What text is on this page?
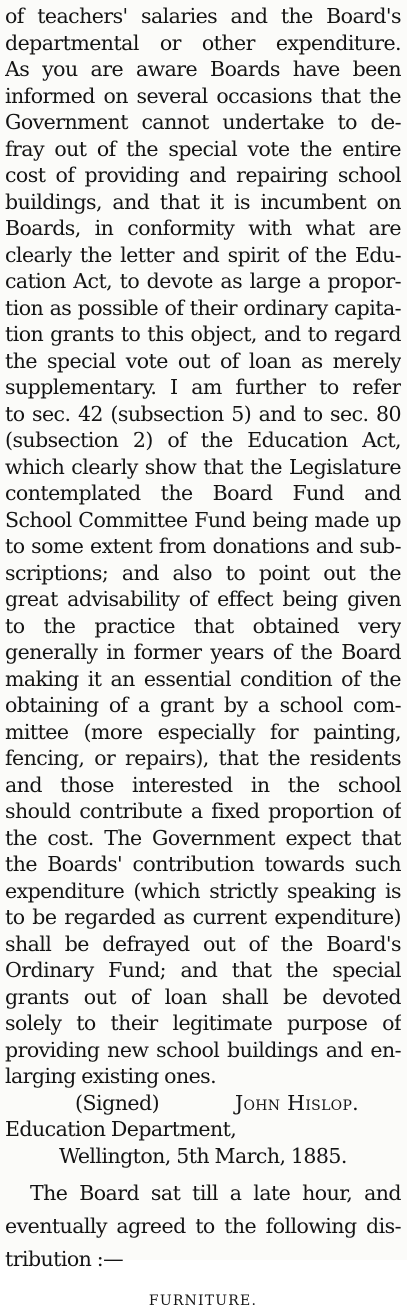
of teachers' salaries and the Board's
departmental or other expenditure.
As you are aware Boards have been
informed on several occasions that the
Government cannot undertake to de-
fray out of the special vote the entire
cost of providing and repairing school
buildings, and that it is incumbent on
Boards, in conformity with what are
clearly the letter and spirit of the Edu-
cation Act, to devote as large a propor-
tion as possible of their ordinary capita-
tion grants to this object, and to regard
the special vote out of loan as merely
supplementary. I am further to refer
to sec. 42 (subsection 5) and to sec. 80
(subsection 2) of the Education Act,
which clearly show that the Legislature
contemplated the Board Fund and
School Committee Fund being made up
to some extent from donations and sub-
scriptions; and also to point out the
great advisability of effect being given
to the practice that obtained very
generally in former years of the Board
making it an essential condition of the
obtaining of a grant by a school com-
mittee (more especially for painting,
fencing, or repairs), that the residents
and those interested in the school
should contribute a fixed proportion of
the cost. The Government expect that
the Boards' contribution towards such
expenditure (which strictly speaking is
to be regarded as current expenditure)
shall be defrayed out of the Board's
Ordinary Fund; and that the special
grants out of loan shall be devoted
solely to their legitimate purpose of
providing new school buildings and en-
larging existing ones.
(Signed)	John Hislop.
Education Department,
Wellington, 5th March, 1885.
The Board sat till a late hour, and
eventually agreed to the following dis-
tribution :—
FURNITURE.
